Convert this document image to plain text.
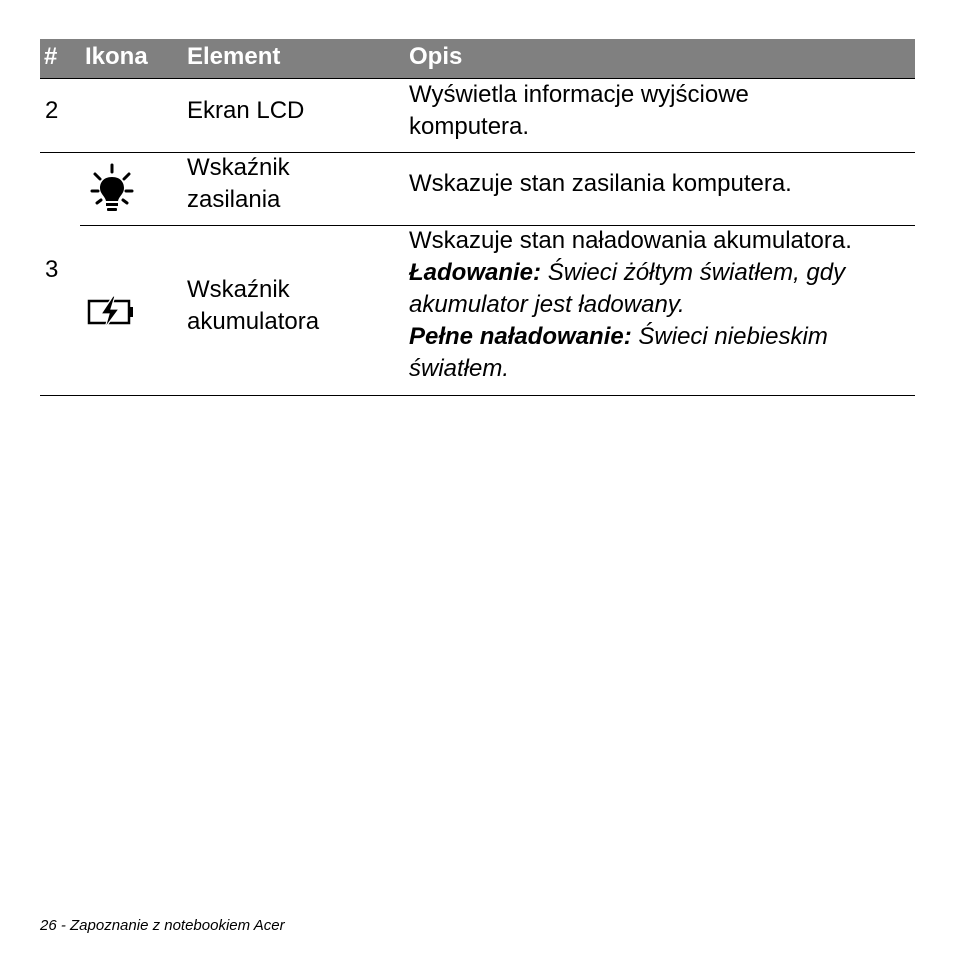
# Ikona Element	Opis
2	Ekran LCD
Wyświetla informacje wyjściowe
komputera.
3
Wskaźnik
zasilania
Wskazuje stan zasilania komputera.
Wskaźnik
akumulatora
Wskazuje stan naładowania akumulatora.
Ładowanie: Świeci żółtym światłem, gdy
akumulator jest ładowany.
Pełne naładowanie: Świeci niebieskim
światłem.
26 - Zapoznanie z notebookiem Acer
